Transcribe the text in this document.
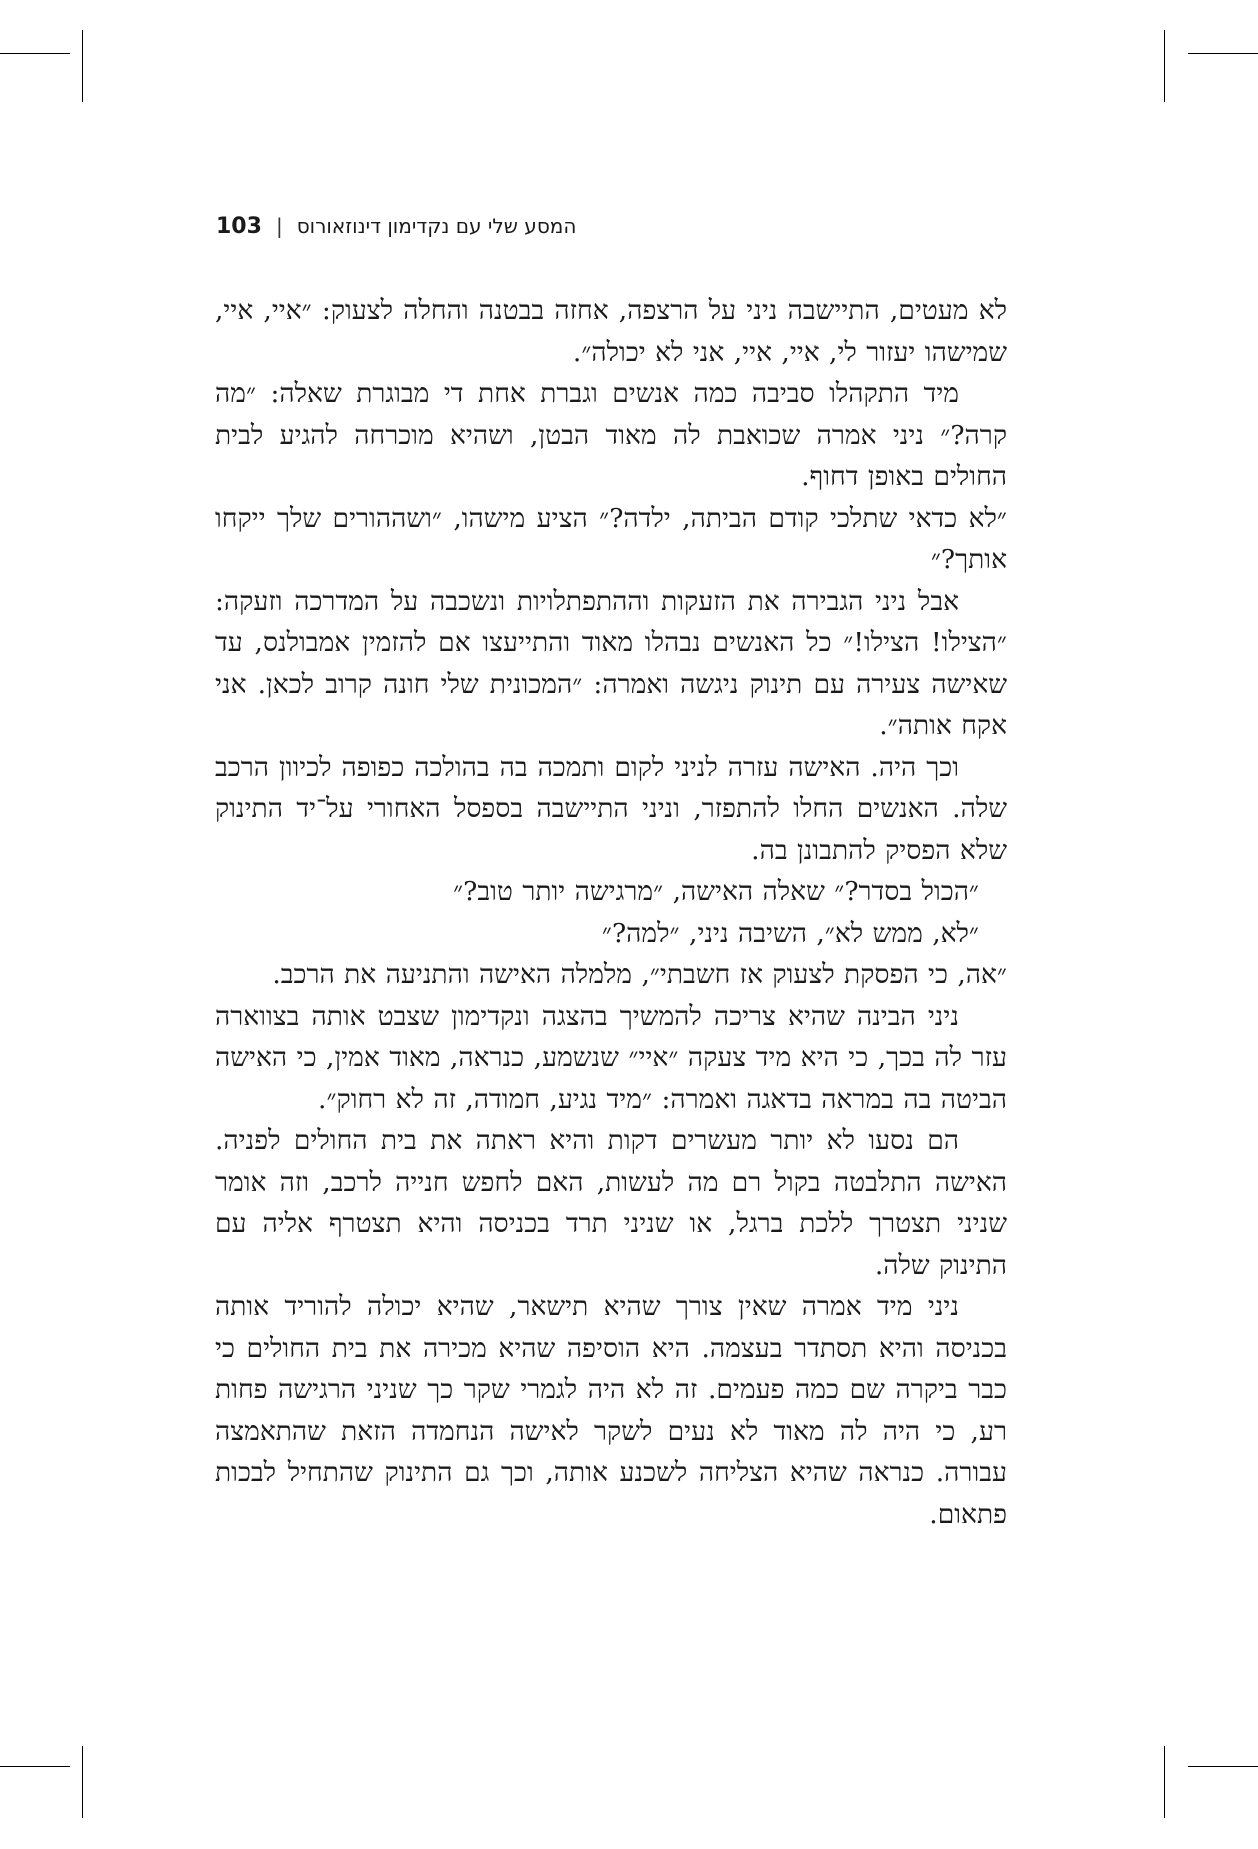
103 | המסע שלי עם נקדימון דינוזאורוס

לא מעטים, התיישבה ניני על הרצפה, אחזה בבטנה והחלה לצעוק: ״איי, איי, שמישהו יעזור לי, איי, איי, אני לא יכולה״.

מיד התקהלו סביבה כמה אנשים וגברת אחת די מבוגרת שאלה: ״מה קרה?״ ניני אמרה שכואבת לה מאוד הבטן, ושהיא מוכרחה להגיע לבית החולים באופן דחוף.

״לא כדאי שתלכי קודם הביתה, ילדה?״ הציע מישהו, ״ושההורים שלך ייקחו אותך?״

אבל ניני הגבירה את הזעקות וההתפתלויות ונשכבה על המדרכה וזעקה: ״הצילו! הצילו!״ כל האנשים נבהלו מאוד והתייעצו אם להזמין אמבולנס, עד שאישה צעירה עם תינוק ניגשה ואמרה: ״המכונית שלי חונה קרוב לכאן. אני אקח אותה״.

וכך היה. האישה עזרה לניני לקום ותמכה בה בהולכה כפופה לכיוון הרכב שלה. האנשים החלו להתפזר, וניני התיישבה בספסל האחורי על־יד התינוק שלא הפסיק להתבונן בה.

״הכול בסדר?״ שאלה האישה, ״מרגישה יותר טוב?״

״לא, ממש לא״, השיבה ניני, ״למה?״

״אה, כי הפסקת לצעוק אז חשבתי״, מלמלה האישה והתניעה את הרכב.

ניני הבינה שהיא צריכה להמשיך בהצגה ונקדימון שצבט אותה בצווארה עזר לה בכך, כי היא מיד צעקה ״איי״ שנשמע, כנראה, מאוד אמין, כי האישה הביטה בה במראה בדאגה ואמרה: ״מיד נגיע, חמודה, זה לא רחוק״.

הם נסעו לא יותר מעשרים דקות והיא ראתה את בית החולים לפניה. האישה התלבטה בקול רם מה לעשות, האם לחפש חנייה לרכב, וזה אומר שניני תצטרך ללכת ברגל, או שניני תרד בכניסה והיא תצטרף אליה עם התינוק שלה.

ניני מיד אמרה שאין צורך שהיא תישאר, שהיא יכולה להוריד אותה בכניסה והיא תסתדר בעצמה. היא הוסיפה שהיא מכירה את בית החולים כי כבר ביקרה שם כמה פעמים. זה לא היה לגמרי שקר כך שניני הרגישה פחות רע, כי היה לה מאוד לא נעים לשקר לאישה הנחמדה הזאת שהתאמצה עבורה. כנראה שהיא הצליחה לשכנע אותה, וכך גם התינוק שהתחיל לבכות פתאום.
